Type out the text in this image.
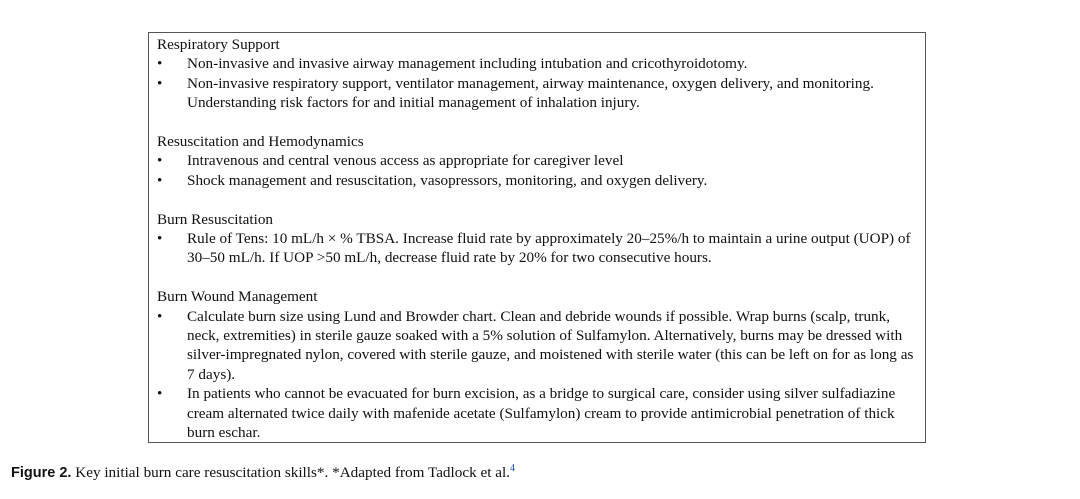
Respiratory Support
•	Non-invasive and invasive airway management including intubation and cricothyroidotomy.
•	Non-invasive respiratory support, ventilator management, airway maintenance, oxygen delivery, and monitoring. Understanding risk factors for and initial management of inhalation injury.
Resuscitation and Hemodynamics
•	Intravenous and central venous access as appropriate for caregiver level
•	Shock management and resuscitation, vasopressors, monitoring, and oxygen delivery.
Burn Resuscitation
•	Rule of Tens: 10 mL/h × % TBSA. Increase fluid rate by approximately 20–25%/h to maintain a urine output (UOP) of 30–50 mL/h. If UOP >50 mL/h, decrease fluid rate by 20% for two consecutive hours.
Burn Wound Management
•	Calculate burn size using Lund and Browder chart. Clean and debride wounds if possible. Wrap burns (scalp, trunk, neck, extremities) in sterile gauze soaked with a 5% solution of Sulfamylon. Alternatively, burns may be dressed with silver-impregnated nylon, covered with sterile gauze, and moistened with sterile water (this can be left on for as long as 7 days).
•	In patients who cannot be evacuated for burn excision, as a bridge to surgical care, consider using silver sulfadiazine cream alternated twice daily with mafenide acetate (Sulfamylon) cream to provide antimicrobial penetration of thick burn eschar.
Figure 2. Key initial burn care resuscitation skills*. *Adapted from Tadlock et al.$^4$
